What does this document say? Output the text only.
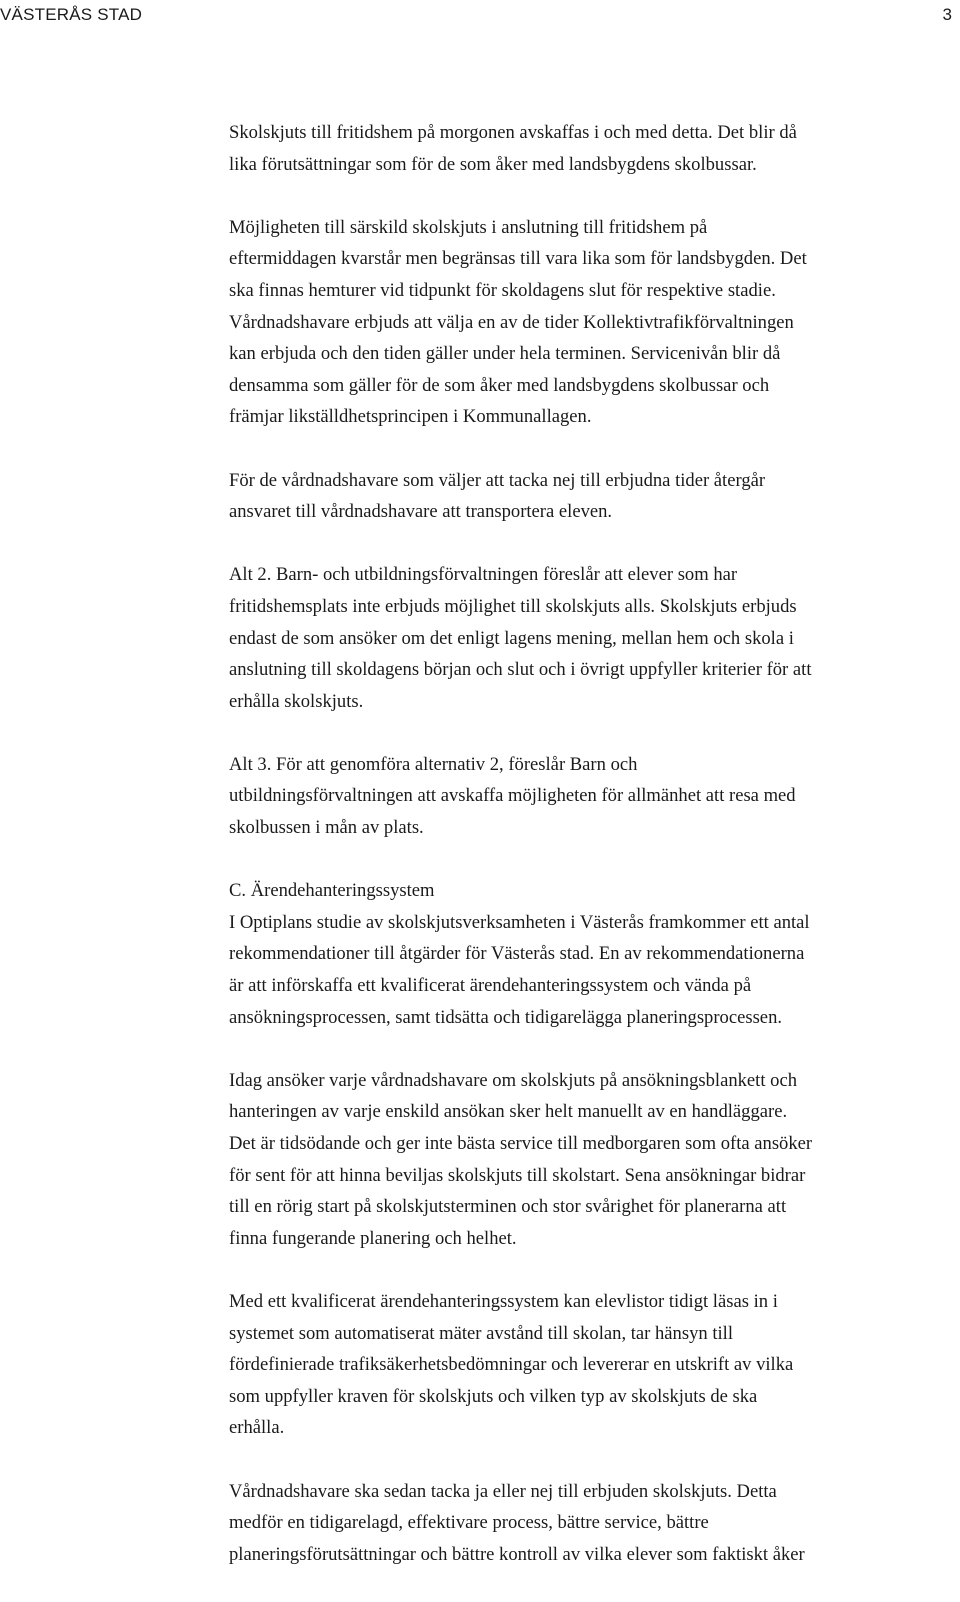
VÄSTERÅS STAD	3

Skolskjuts till fritidshem på morgonen avskaffas i och med detta. Det blir då
lika förutsättningar som för de som åker med landsbygdens skolbussar.

Möjligheten till särskild skolskjuts i anslutning till fritidshem på
eftermiddagen kvarstår men begränsas till vara lika som för landsbygden. Det
ska finnas hemturer vid tidpunkt för skoldagens slut för respektive stadie.
Vårdnadshavare erbjuds att välja en av de tider Kollektivtrafikförvaltningen
kan erbjuda och den tiden gäller under hela terminen. Servicenivån blir då
densamma som gäller för de som åker med landsbygdens skolbussar och
främjar likställdhetsprincipen i Kommunallagen.

För de vårdnadshavare som väljer att tacka nej till erbjudna tider återgår
ansvaret till vårdnadshavare att transportera eleven.

Alt 2. Barn- och utbildningsförvaltningen föreslår att elever som har
fritidshemsplats inte erbjuds möjlighet till skolskjuts alls. Skolskjuts erbjuds
endast de som ansöker om det enligt lagens mening, mellan hem och skola i
anslutning till skoldagens början och slut och i övrigt uppfyller kriterier för att
erhålla skolskjuts.

Alt 3. För att genomföra alternativ 2, föreslår Barn och
utbildningsförvaltningen att avskaffa möjligheten för allmänhet att resa med
skolbussen i mån av plats.

C. Ärendehanteringssystem
I Optiplans studie av skolskjutsverksamheten i Västerås framkommer ett antal
rekommendationer till åtgärder för Västerås stad. En av rekommendationerna
är att införskaffa ett kvalificerat ärendehanteringssystem och vända på
ansökningsprocessen, samt tidsätta och tidigarelägga planeringsprocessen.

Idag ansöker varje vårdnadshavare om skolskjuts på ansökningsblankett och
hanteringen av varje enskild ansökan sker helt manuellt av en handläggare.
Det är tidsödande och ger inte bästa service till medborgaren som ofta ansöker
för sent för att hinna beviljas skolskjuts till skolstart. Sena ansökningar bidrar
till en rörig start på skolskjutsterminen och stor svårighet för planerarna att
finna fungerande planering och helhet.

Med ett kvalificerat ärendehanteringssystem kan elevlistor tidigt läsas in i
systemet som automatiserat mäter avstånd till skolan, tar hänsyn till
fördefinierade trafiksäkerhetsbedömningar och levererar en utskrift av vilka
som uppfyller kraven för skolskjuts och vilken typ av skolskjuts de ska
erhålla.

Vårdnadshavare ska sedan tacka ja eller nej till erbjuden skolskjuts. Detta
medför en tidigarelagd, effektivare process, bättre service, bättre
planeringsförutsättningar och bättre kontroll av vilka elever som faktiskt åker
